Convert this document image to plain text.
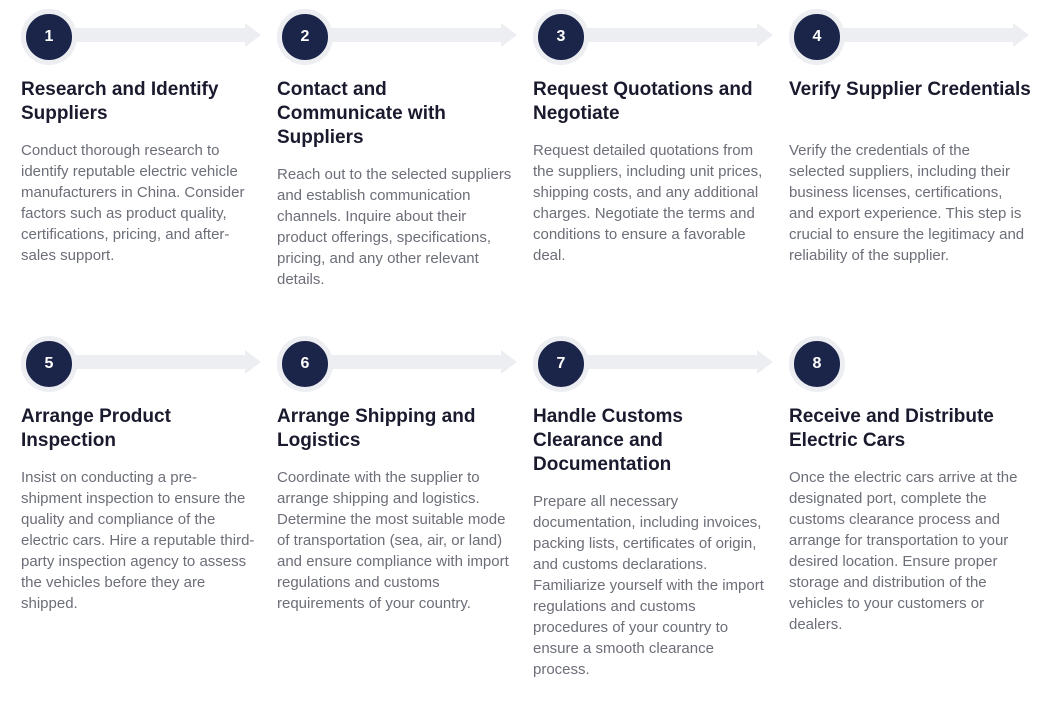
1
Research and Identify Suppliers

Conduct thorough research to identify reputable electric vehicle manufacturers in China. Consider factors such as product quality, certifications, pricing, and after-sales support.

2
Contact and Communicate with Suppliers

Reach out to the selected suppliers and establish communication channels. Inquire about their product offerings, specifications, pricing, and any other relevant details.

3
Request Quotations and Negotiate

Request detailed quotations from the suppliers, including unit prices, shipping costs, and any additional charges. Negotiate the terms and conditions to ensure a favorable deal.

4
Verify Supplier Credentials

Verify the credentials of the selected suppliers, including their business licenses, certifications, and export experience. This step is crucial to ensure the legitimacy and reliability of the supplier.

5
Arrange Product Inspection

Insist on conducting a pre-shipment inspection to ensure the quality and compliance of the electric cars. Hire a reputable third-party inspection agency to assess the vehicles before they are shipped.

6
Arrange Shipping and Logistics

Coordinate with the supplier to arrange shipping and logistics. Determine the most suitable mode of transportation (sea, air, or land) and ensure compliance with import regulations and customs requirements of your country.

7
Handle Customs Clearance and Documentation

Prepare all necessary documentation, including invoices, packing lists, certificates of origin, and customs declarations. Familiarize yourself with the import regulations and customs procedures of your country to ensure a smooth clearance process.

8
Receive and Distribute Electric Cars

Once the electric cars arrive at the designated port, complete the customs clearance process and arrange for transportation to your desired location. Ensure proper storage and distribution of the vehicles to your customers or dealers.
